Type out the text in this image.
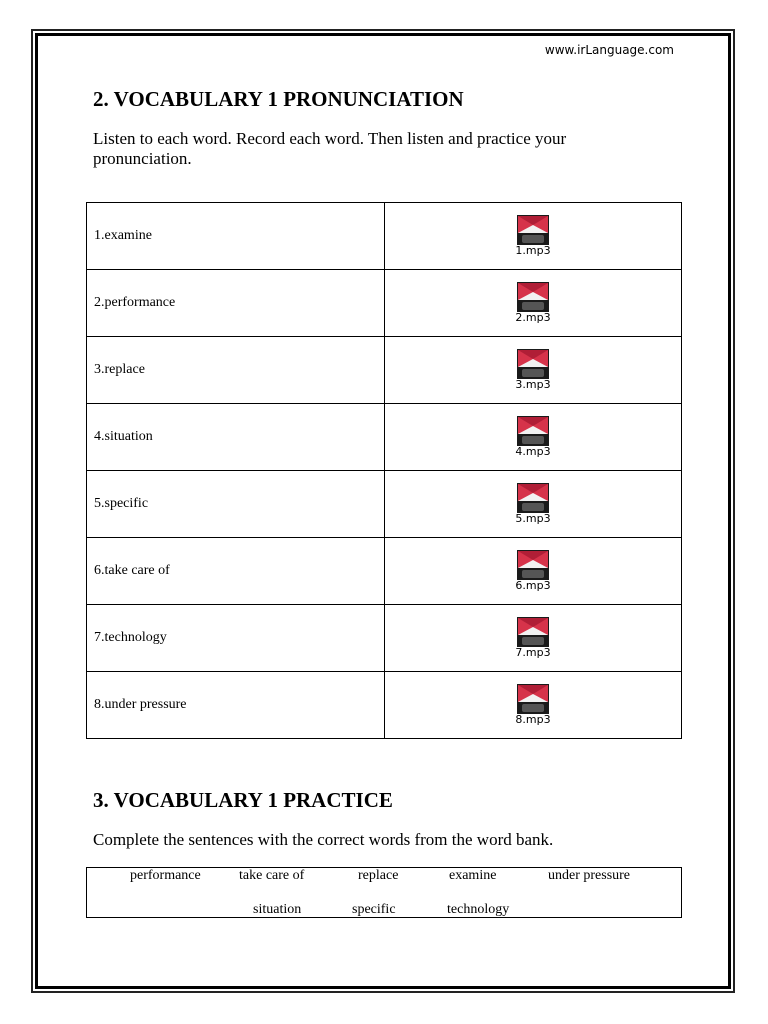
www.irLanguage.com
2. VOCABULARY 1 PRONUNCIATION

Listen to each word. Record each word. Then listen and practice your pronunciation.

1.examine	1.mp3

2.performance	2.mp3

3.replace	3.mp3

4.situation	4.mp3

5.specific	5.mp3

6.take care of	6.mp3

7.technology	7.mp3

8.under pressure	8.mp3
3. VOCABULARY 1 PRACTICE

Complete the sentences with the correct words from the word bank.

performance	take care of	replace	examine	under pressure
situation	specific	technology
